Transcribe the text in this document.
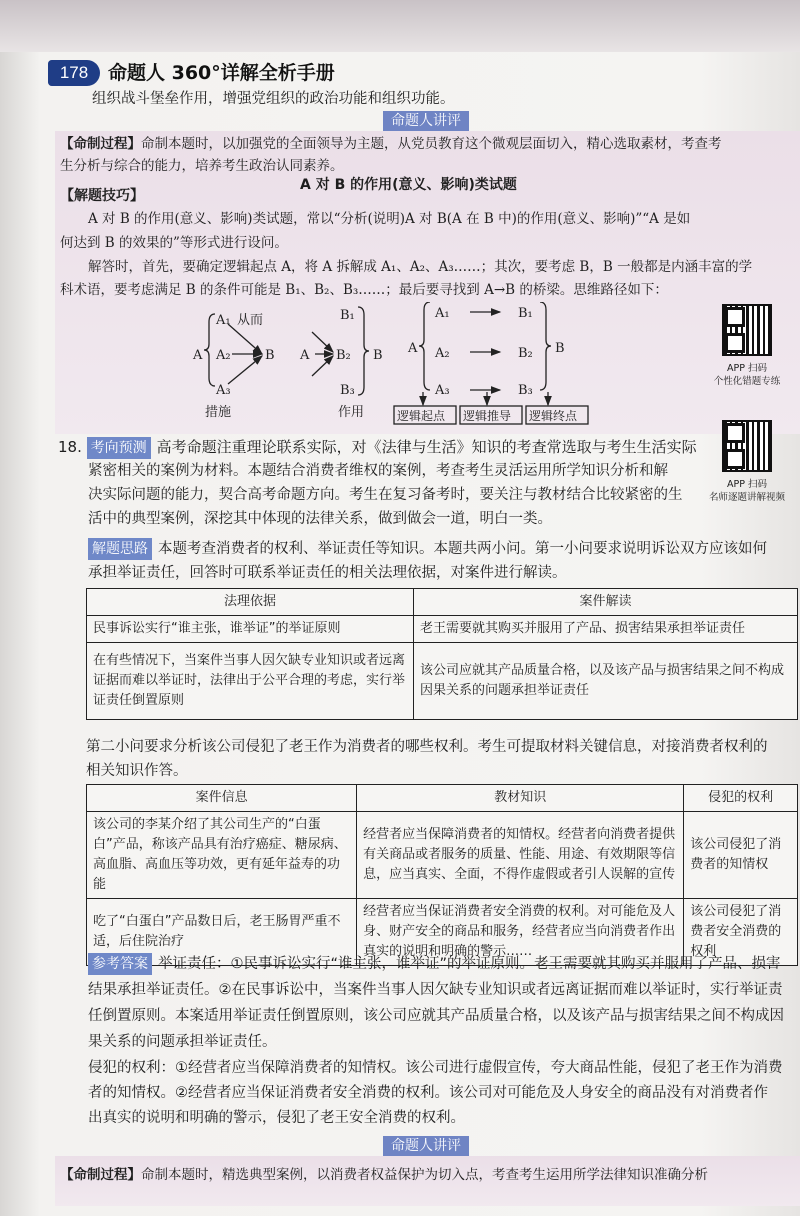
178	命题人 360°详解全析手册
组织战斗堡垒作用，增强党组织的政治功能和组织功能。
命题人讲评
【命制过程】命制本题时，以加强党的全面领导为主题，从党员教育这个微观层面切入，精心选取素材，考查考
生分析与综合的能力，培养考生政治认同素养。
A 对 B 的作用(意义、影响)类试题
【解题技巧】
A 对 B 的作用(意义、影响)类试题，常以“分析(说明)A 对 B(A 在 B 中)的作用(意义、影响)”“A 是如
何达到 B 的效果的”等形式进行设问。
解答时，首先，要确定逻辑起点 A，将 A 拆解成 A₁、A₂、A₃……；其次，要考虑 B，B 一般都是内涵丰富的学
科术语，要考虑满足 B 的条件可能是 B₁、B₂、B₃……；最后要寻找到 A→B 的桥梁。思维路径如下：
A
A₁ 从而
A₂
A₃
B
措施
A
B₁
B₂
B₃
B
作用
A
A₁
A₂
A₃
B₁
B₂
B₃
B
逻辑起点 逻辑推导 逻辑终点
APP 扫码
个性化错题专练
18. 考向预测 高考命题注重理论联系实际，对《法律与生活》知识的考查常选取与考生生活实际
紧密相关的案例为材料。本题结合消费者维权的案例，考查考生灵活运用所学知识分析和解
决实际问题的能力，契合高考命题方向。考生在复习备考时，要关注与教材结合比较紧密的生
活中的典型案例，深挖其中体现的法律关系，做到做会一道，明白一类。
APP 扫码
名师逐题讲解视频
解题思路 本题考查消费者的权利、举证责任等知识。本题共两小问。第一小问要求说明诉讼双方应该如何
承担举证责任，回答时可联系举证责任的相关法理依据，对案件进行解读。
法理依据	案件解读
民事诉讼实行“谁主张，谁举证”的举证原则	老王需要就其购买并服用了产品、损害结果承担举证责任
在有些情况下，当案件当事人因欠缺专业知识或者远离证据而难以举证时，法律出于公平合理的考虑，实行举证责任倒置原则	该公司应就其产品质量合格，以及该产品与损害结果之间不构成因果关系的问题承担举证责任
第二小问要求分析该公司侵犯了老王作为消费者的哪些权利。考生可提取材料关键信息，对接消费者权利的
相关知识作答。
案件信息	教材知识	侵犯的权利
该公司的李某介绍了其公司生产的“白蛋白”产品，称该产品具有治疗癌症、糖尿病、高血脂、高血压等功效，更有延年益寿的功能	经营者应当保障消费者的知情权。经营者向消费者提供有关商品或者服务的质量、性能、用途、有效期限等信息，应当真实、全面，不得作虚假或者引人误解的宣传	该公司侵犯了消费者的知情权
吃了“白蛋白”产品数日后，老王肠胃严重不适，后住院治疗	经营者应当保证消费者安全消费的权利。对可能危及人身、财产安全的商品和服务，经营者应当向消费者作出真实的说明和明确的警示……	该公司侵犯了消费者安全消费的权利
参考答案 举证责任：①民事诉讼实行“谁主张，谁举证”的举证原则。老王需要就其购买并服用了产品、损害
结果承担举证责任。②在民事诉讼中，当案件当事人因欠缺专业知识或者远离证据而难以举证时，实行举证责
任倒置原则。本案适用举证责任倒置原则，该公司应就其产品质量合格，以及该产品与损害结果之间不构成因
果关系的问题承担举证责任。
侵犯的权利：①经营者应当保障消费者的知情权。该公司进行虚假宣传，夸大商品性能，侵犯了老王作为消费
者的知情权。②经营者应当保证消费者安全消费的权利。该公司对可能危及人身安全的商品没有对消费者作
出真实的说明和明确的警示，侵犯了老王安全消费的权利。
命题人讲评
【命制过程】命制本题时，精选典型案例，以消费者权益保护为切入点，考查考生运用所学法律知识准确分析
